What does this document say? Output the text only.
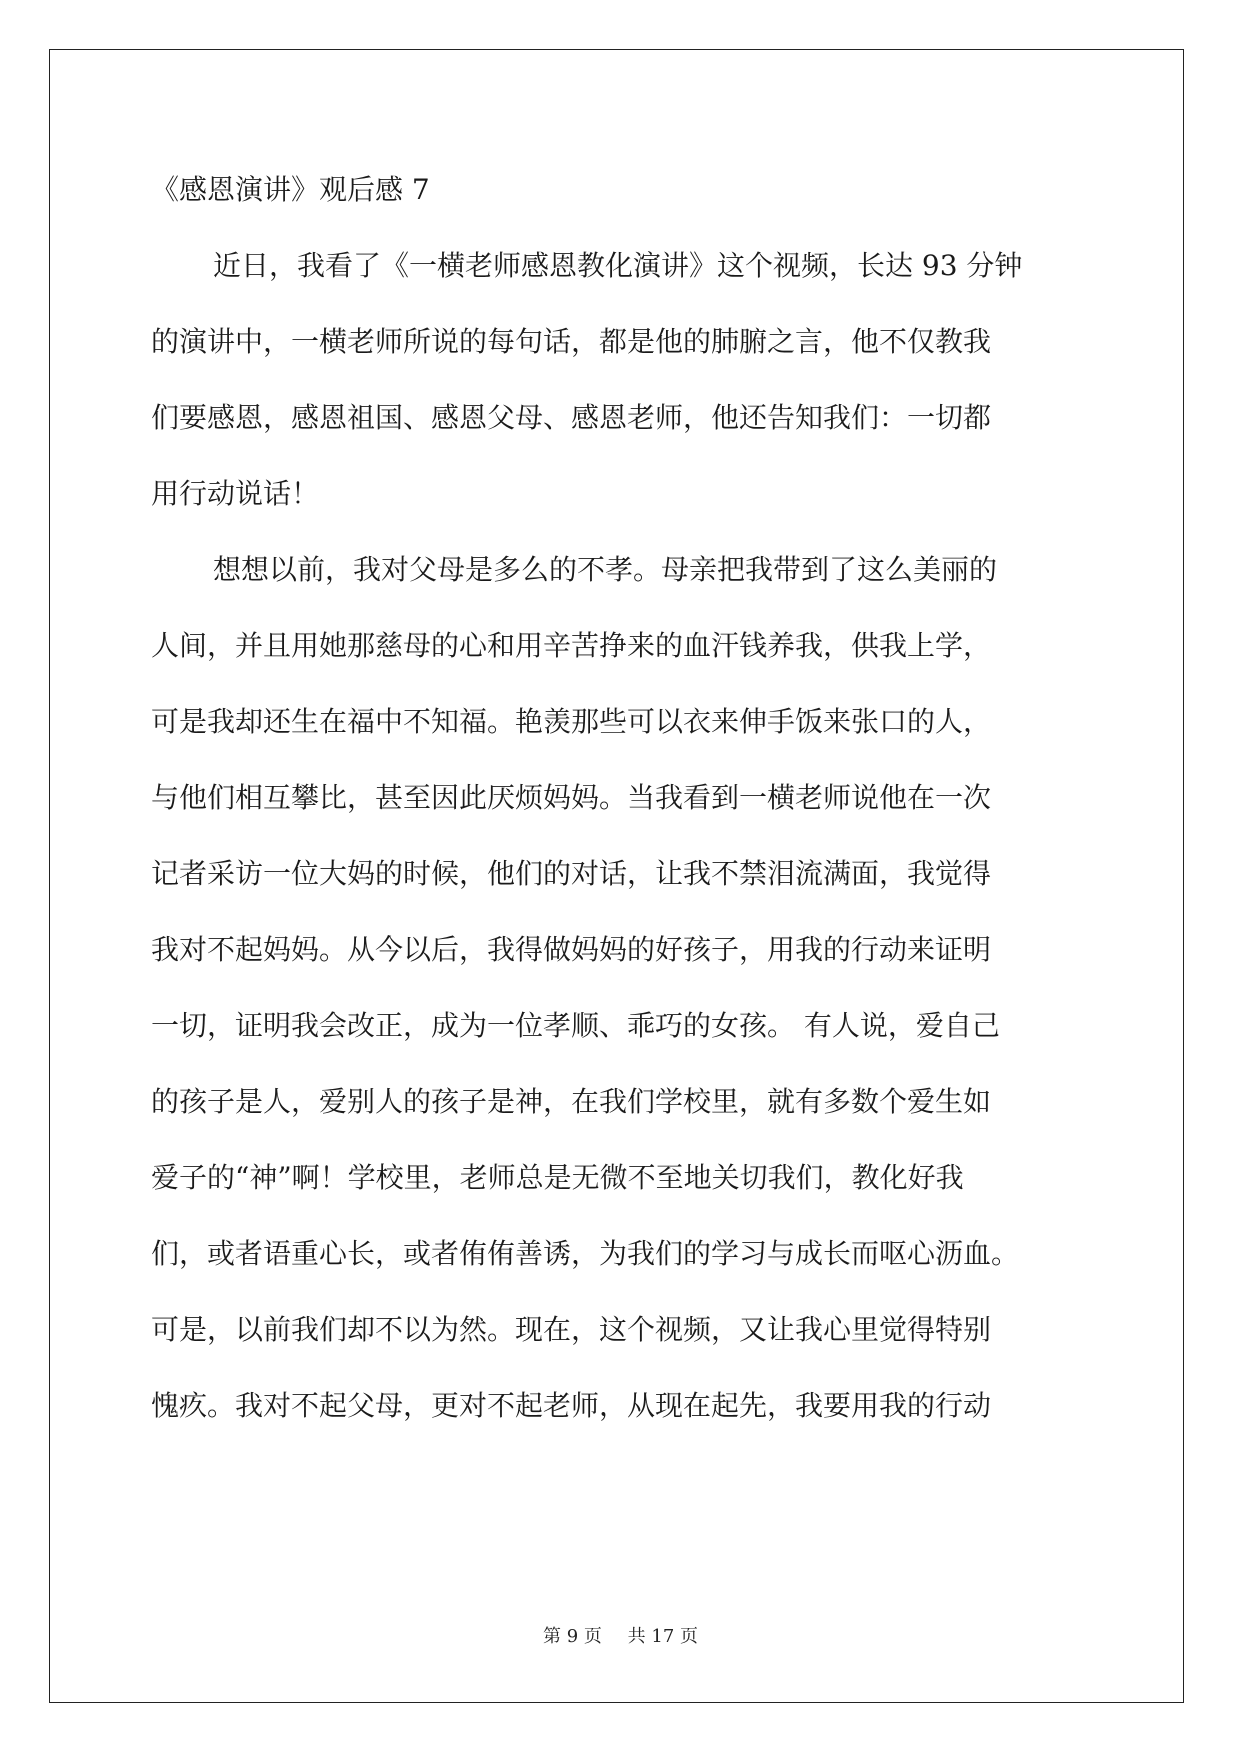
《感恩演讲》观后感 7

近日，我看了《一横老师感恩教化演讲》这个视频，长达 93 分钟

的演讲中，一横老师所说的每句话，都是他的肺腑之言，他不仅教我

们要感恩，感恩祖国、感恩父母、感恩老师，他还告知我们：一切都

用行动说话！

想想以前，我对父母是多么的不孝。母亲把我带到了这么美丽的

人间，并且用她那慈母的心和用辛苦挣来的血汗钱养我，供我上学，

可是我却还生在福中不知福。艳羡那些可以衣来伸手饭来张口的人，

与他们相互攀比，甚至因此厌烦妈妈。当我看到一横老师说他在一次

记者采访一位大妈的时候，他们的对话，让我不禁泪流满面，我觉得

我对不起妈妈。从今以后，我得做妈妈的好孩子，用我的行动来证明

一切，证明我会改正，成为一位孝顺、乖巧的女孩。 有人说，爱自己

的孩子是人，爱别人的孩子是神，在我们学校里，就有多数个爱生如

爱子的“神”啊！学校里，老师总是无微不至地关切我们，教化好我

们，或者语重心长，或者侑侑善诱，为我们的学习与成长而呕心沥血。

可是，以前我们却不以为然。现在，这个视频，又让我心里觉得特别

愧疚。我对不起父母，更对不起老师，从现在起先，我要用我的行动

第 9 页 共 17 页
